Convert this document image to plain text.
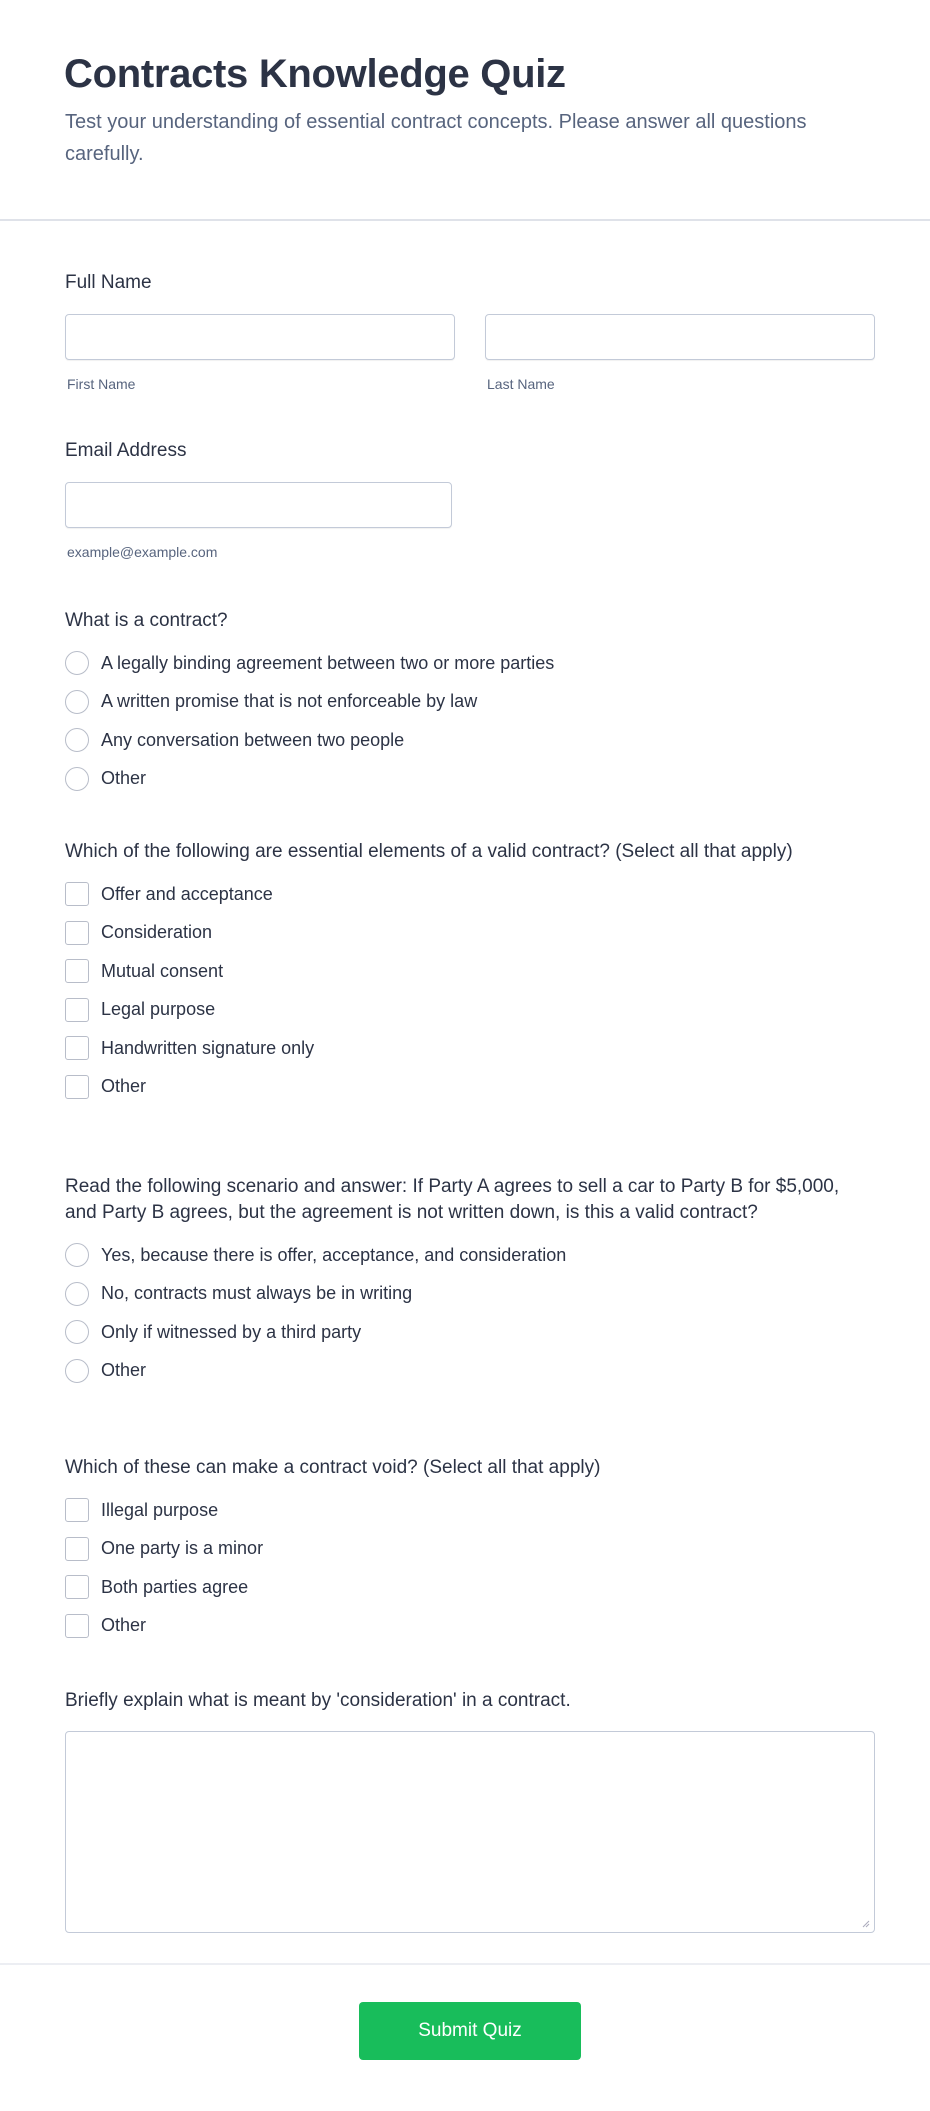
Contracts Knowledge Quiz

Test your understanding of essential contract concepts. Please answer all questions carefully.

Full Name
First Name	Last Name
Email Address
example@example.com
What is a contract?
A legally binding agreement between two or more parties
A written promise that is not enforceable by law
Any conversation between two people
Other
Which of the following are essential elements of a valid contract? (Select all that apply)
Offer and acceptance
Consideration
Mutual consent
Legal purpose
Handwritten signature only
Other
Read the following scenario and answer: If Party A agrees to sell a car to Party B for $5,000, and Party B agrees, but the agreement is not written down, is this a valid contract?
Yes, because there is offer, acceptance, and consideration
No, contracts must always be in writing
Only if witnessed by a third party
Other
Which of these can make a contract void? (Select all that apply)
Illegal purpose
One party is a minor
Both parties agree
Other
Briefly explain what is meant by 'consideration' in a contract.
Submit Quiz
